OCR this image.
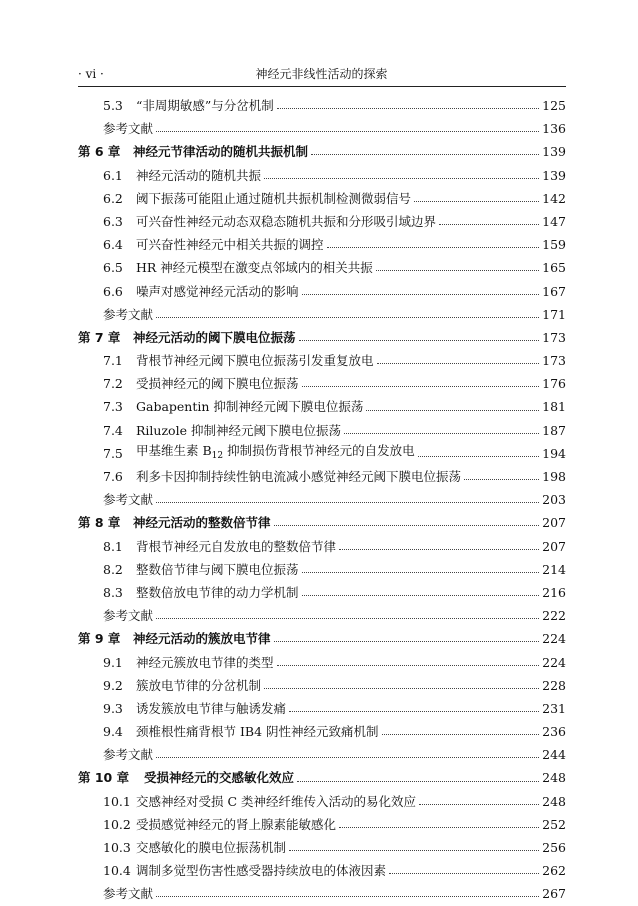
· vi ·	神经元非线性活动的探索
5.3	“非周期敏感”与分岔机制	125
参考文献	136
第 6 章	神经元节律活动的随机共振机制	139
6.1	神经元活动的随机共振	139
6.2	阈下振荡可能阻止通过随机共振机制检测微弱信号	142
6.3	可兴奋性神经元动态双稳态随机共振和分形吸引域边界	147
6.4	可兴奋性神经元中相关共振的调控	159
6.5	HR 神经元模型在激变点邻域内的相关共振	165
6.6	噪声对感觉神经元活动的影响	167
参考文献	171
第 7 章	神经元活动的阈下膜电位振荡	173
7.1	背根节神经元阈下膜电位振荡引发重复放电	173
7.2	受损神经元的阈下膜电位振荡	176
7.3	Gabapentin 抑制神经元阈下膜电位振荡	181
7.4	Riluzole 抑制神经元阈下膜电位振荡	187
7.5	甲基维生素 $B_{12}$ 抑制损伤背根节神经元的自发放电	194
7.6	利多卡因抑制持续性钠电流减小感觉神经元阈下膜电位振荡	198
参考文献	203
第 8 章	神经元活动的整数倍节律	207
8.1	背根节神经元自发放电的整数倍节律	207
8.2	整数倍节律与阈下膜电位振荡	214
8.3	整数倍放电节律的动力学机制	216
参考文献	222
第 9 章	神经元活动的簇放电节律	224
9.1	神经元簇放电节律的类型	224
9.2	簇放电节律的分岔机制	228
9.3	诱发簇放电节律与触诱发痛	231
9.4	颈椎根性痛背根节 IB4 阴性神经元致痛机制	236
参考文献	244
第 10 章	受损神经元的交感敏化效应	248
10.1 交感神经对受损 C 类神经纤维传入活动的易化效应	248
10.2 受损感觉神经元的肾上腺素能敏感化	252
10.3 交感敏化的膜电位振荡机制	256
10.4 调制多觉型伤害性感受器持续放电的体液因素	262
参考文献	267
